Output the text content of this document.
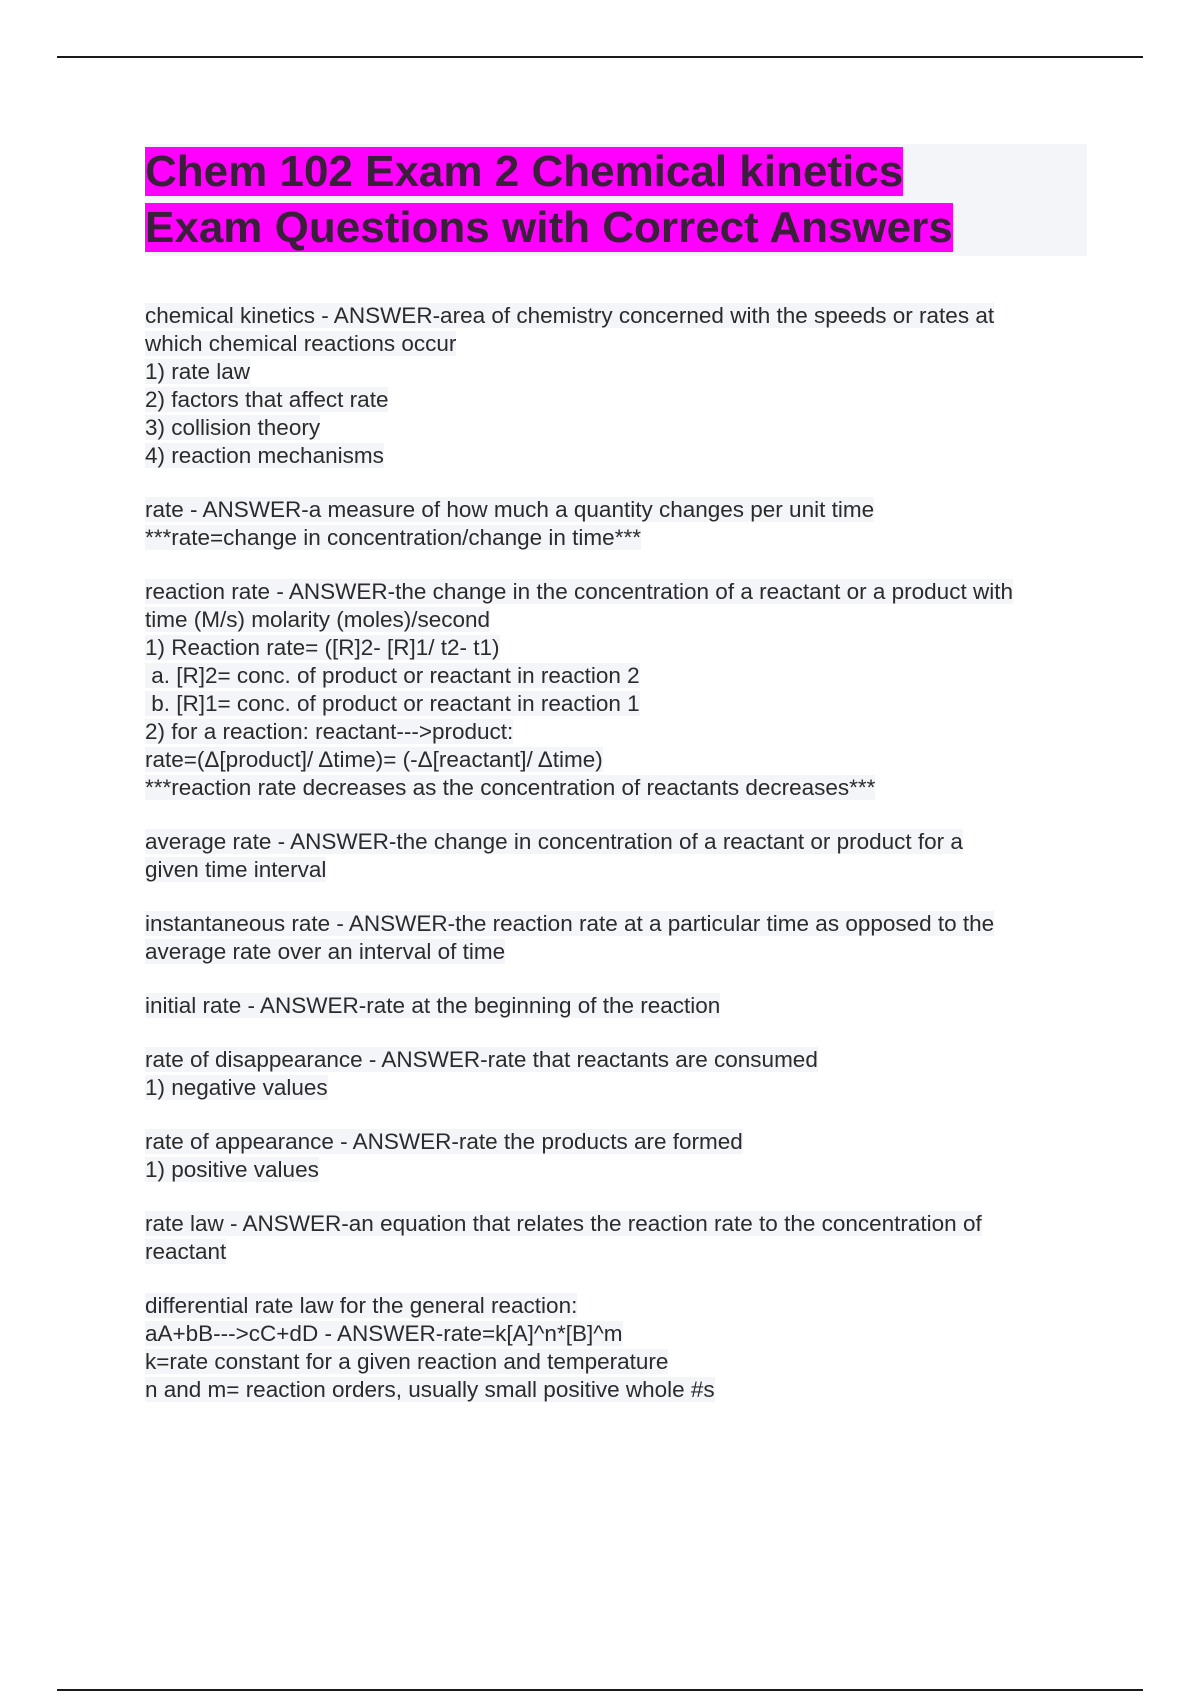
Chem 102 Exam 2 Chemical kinetics
Exam Questions with Correct Answers
chemical kinetics - ANSWER-area of chemistry concerned with the speeds or rates at
which chemical reactions occur
1) rate law
2) factors that affect rate
3) collision theory
4) reaction mechanisms
rate - ANSWER-a measure of how much a quantity changes per unit time
***rate=change in concentration/change in time***
reaction rate - ANSWER-the change in the concentration of a reactant or a product with
time (M/s) molarity (moles)/second
1) Reaction rate= ([R]2- [R]1/ t2- t1)
a. [R]2= conc. of product or reactant in reaction 2
b. [R]1= conc. of product or reactant in reaction 1
2) for a reaction: reactant--->product:
rate=(Δ[product]/ Δtime)= (-Δ[reactant]/ Δtime)
***reaction rate decreases as the concentration of reactants decreases***
average rate - ANSWER-the change in concentration of a reactant or product for a
given time interval
instantaneous rate - ANSWER-the reaction rate at a particular time as opposed to the
average rate over an interval of time
initial rate - ANSWER-rate at the beginning of the reaction
rate of disappearance - ANSWER-rate that reactants are consumed
1) negative values
rate of appearance - ANSWER-rate the products are formed
1) positive values
rate law - ANSWER-an equation that relates the reaction rate to the concentration of
reactant
differential rate law for the general reaction:
aA+bB--->cC+dD - ANSWER-rate=k[A]^n*[B]^m
k=rate constant for a given reaction and temperature
n and m= reaction orders, usually small positive whole #s
